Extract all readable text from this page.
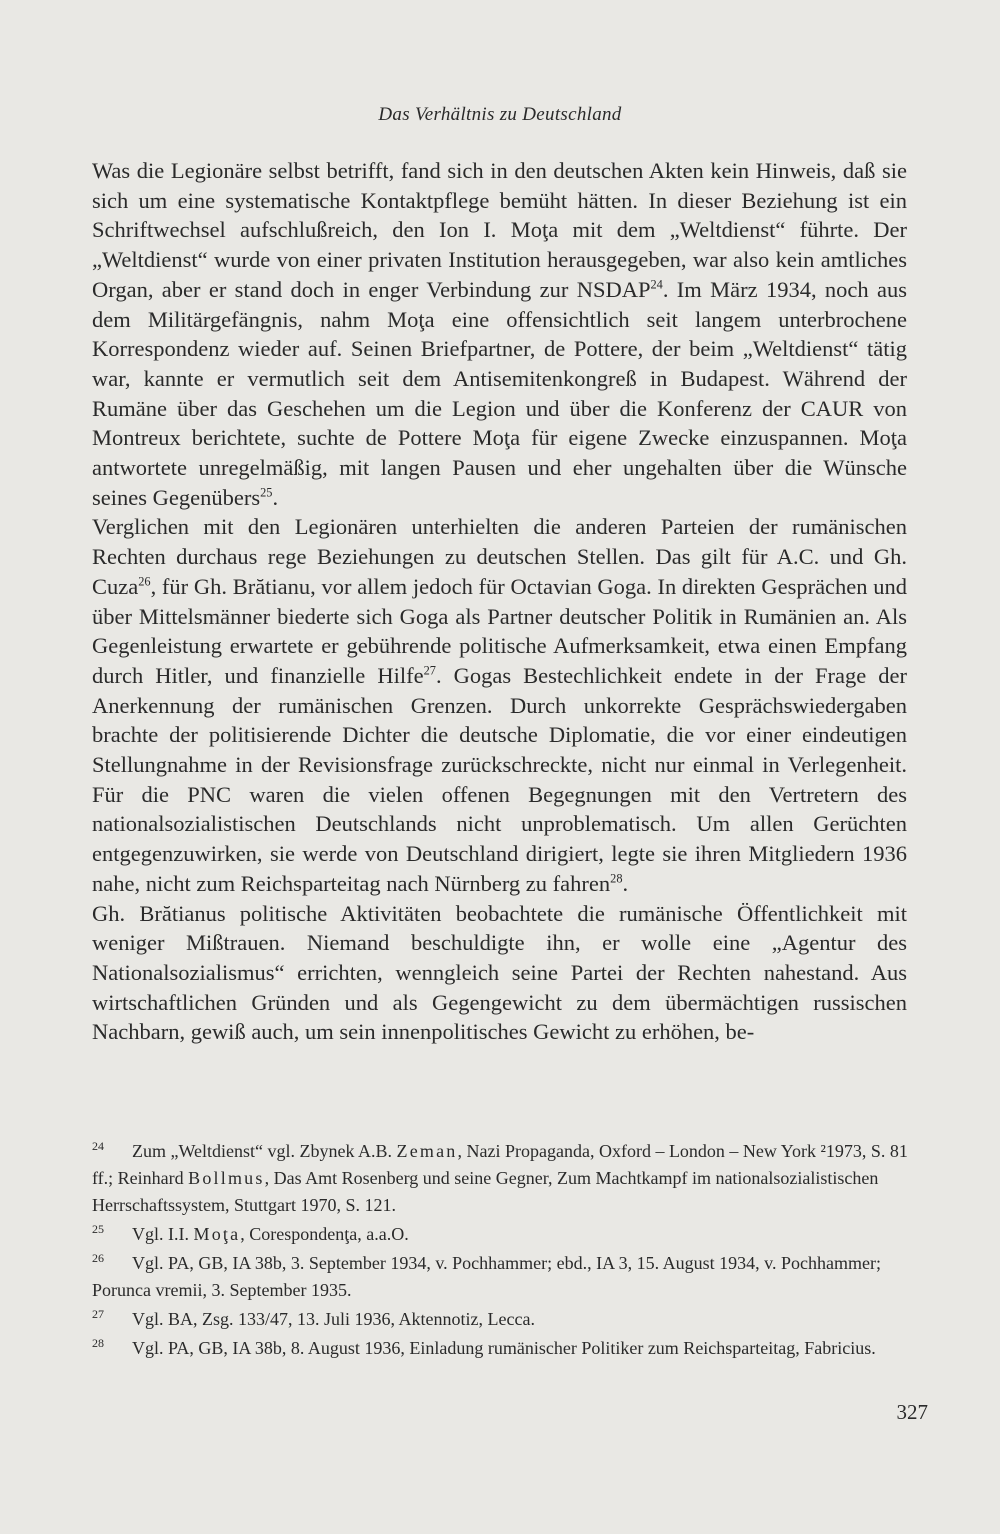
Das Verhältnis zu Deutschland

Was die Legionäre selbst betrifft, fand sich in den deutschen Akten kein Hinweis, daß sie sich um eine systematische Kontaktpflege bemüht hätten. In dieser Beziehung ist ein Schriftwechsel aufschlußreich, den Ion I. Moţa mit dem „Weltdienst“ führte. Der „Weltdienst“ wurde von einer privaten Institution herausgegeben, war also kein amtliches Organ, aber er stand doch in enger Verbindung zur NSDAP$^{24}$. Im März 1934, noch aus dem Militärgefängnis, nahm Moţa eine offensichtlich seit langem unterbrochene Korrespondenz wieder auf. Seinen Briefpartner, de Pottere, der beim „Weltdienst“ tätig war, kannte er vermutlich seit dem Antisemitenkongreß in Budapest. Während der Rumäne über das Geschehen um die Legion und über die Konferenz der CAUR von Montreux berichtete, suchte de Pottere Moţa für eigene Zwecke einzuspannen. Moţa antwortete unregelmäßig, mit langen Pausen und eher ungehalten über die Wünsche seines Gegenübers$^{25}$.

Verglichen mit den Legionären unterhielten die anderen Parteien der rumänischen Rechten durchaus rege Beziehungen zu deutschen Stellen. Das gilt für A.C. und Gh. Cuza$^{26}$, für Gh. Brătianu, vor allem jedoch für Octavian Goga. In direkten Gesprächen und über Mittelsmänner biederte sich Goga als Partner deutscher Politik in Rumänien an. Als Gegenleistung erwartete er gebührende politische Aufmerksamkeit, etwa einen Empfang durch Hitler, und finanzielle Hilfe$^{27}$. Gogas Bestechlichkeit endete in der Frage der Anerkennung der rumänischen Grenzen. Durch unkorrekte Gesprächswiedergaben brachte der politisierende Dichter die deutsche Diplomatie, die vor einer eindeutigen Stellungnahme in der Revisionsfrage zurückschreckte, nicht nur einmal in Verlegenheit. Für die PNC waren die vielen offenen Begegnungen mit den Vertretern des nationalsozialistischen Deutschlands nicht unproblematisch. Um allen Gerüchten entgegenzuwirken, sie werde von Deutschland dirigiert, legte sie ihren Mitgliedern 1936 nahe, nicht zum Reichsparteitag nach Nürnberg zu fahren$^{28}$.

Gh. Brătianus politische Aktivitäten beobachtete die rumänische Öffentlichkeit mit weniger Mißtrauen. Niemand beschuldigte ihn, er wolle eine „Agentur des Nationalsozialismus“ errichten, wenngleich seine Partei der Rechten nahestand. Aus wirtschaftlichen Gründen und als Gegengewicht zu dem übermächtigen russischen Nachbarn, gewiß auch, um sein innenpolitisches Gewicht zu erhöhen, be-

24 Zum „Weltdienst“ vgl. Zbynek A.B. Zeman, Nazi Propaganda, Oxford – London – New York ²1973, S. 81 ff.; Reinhard Bollmus, Das Amt Rosenberg und seine Gegner, Zum Machtkampf im nationalsozialistischen Herrschaftssystem, Stuttgart 1970, S. 121.

25 Vgl. I.I. Moţa, Corespondenţa, a.a.O.

26 Vgl. PA, GB, IA 38b, 3. September 1934, v. Pochhammer; ebd., IA 3, 15. August 1934, v. Pochhammer; Porunca vremii, 3. September 1935.

27 Vgl. BA, Zsg. 133/47, 13. Juli 1936, Aktennotiz, Lecca.

28 Vgl. PA, GB, IA 38b, 8. August 1936, Einladung rumänischer Politiker zum Reichsparteitag, Fabricius.

327
